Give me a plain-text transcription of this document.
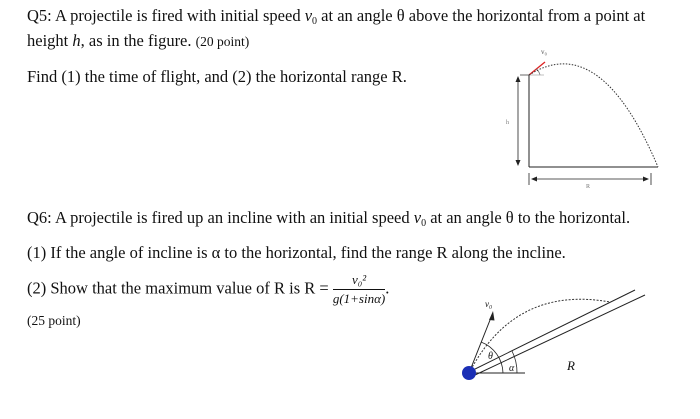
Q5: A projectile is fired with initial speed $v_0$ at an angle θ above the horizontal from a point at
height h, as in the figure. (20 point)
Find (1) the time of flight, and (2) the horizontal range R.
v₀
h
R
Q6: A projectile is fired up an incline with an initial speed $v_0$ at an angle θ to the horizontal.
(1) If the angle of incline is α to the horizontal, find the range R along the incline.
(2) Show that the maximum value of R is $R = \frac{\text{v₀²}}{g(1+\sin\alpha)}$ .
(25 point)
v₀
θ
α	R
